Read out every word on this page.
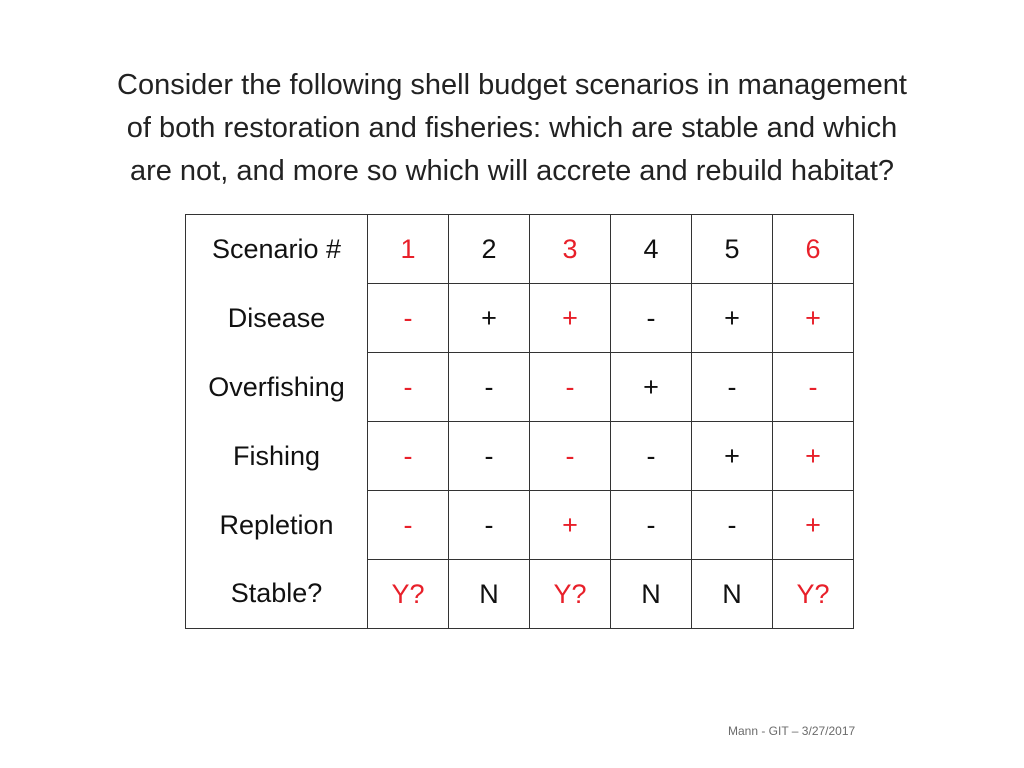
Consider the following shell budget scenarios in management
of both restoration and fisheries: which are stable and which
are not, and more so which will accrete and rebuild habitat?
Scenario #	1	2	3	4	5	6
Disease	-	+	+	-	+	+
Overfishing	-	-	-	+	-	-
Fishing	-	-	-	-	+	+
Repletion	-	-	+	-	-	+
Stable?	Y?	N	Y?	N	N	Y?
Mann - GIT – 3/27/2017
